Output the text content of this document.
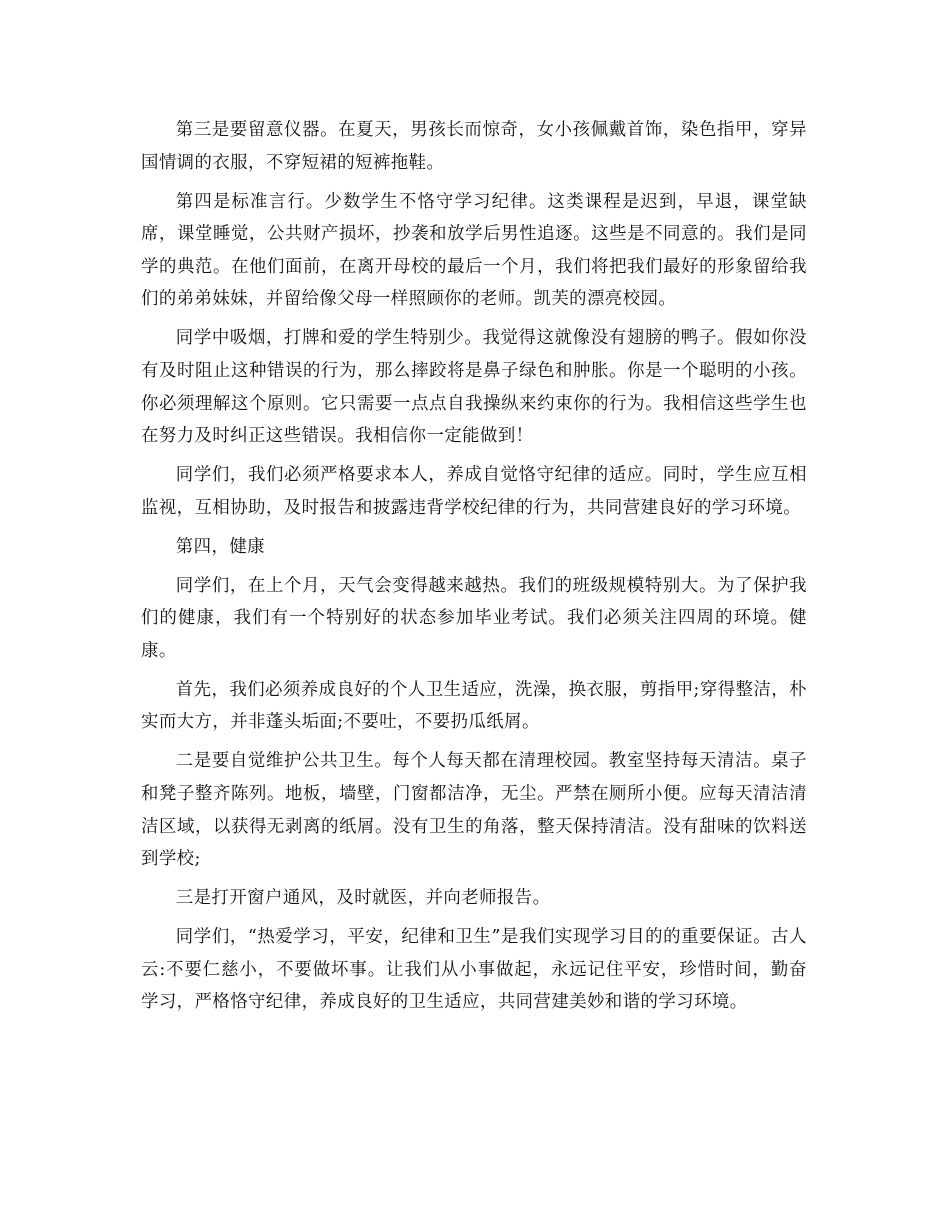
第三是要留意仪器。在夏天，男孩长而惊奇，女小孩佩戴首饰，染色指甲，穿异国情调的衣服，不穿短裙的短裤拖鞋。

第四是标准言行。少数学生不恪守学习纪律。这类课程是迟到，早退，课堂缺席，课堂睡觉，公共财产损坏，抄袭和放学后男性追逐。这些是不同意的。我们是同学的典范。在他们面前，在离开母校的最后一个月，我们将把我们最好的形象留给我们的弟弟妹妹，并留给像父母一样照顾你的老师。凯芙的漂亮校园。

同学中吸烟，打牌和爱的学生特别少。我觉得这就像没有翅膀的鸭子。假如你没有及时阻止这种错误的行为，那么摔跤将是鼻子绿色和肿胀。你是一个聪明的小孩。你必须理解这个原则。它只需要一点点自我操纵来约束你的行为。我相信这些学生也在努力及时纠正这些错误。我相信你一定能做到！

同学们，我们必须严格要求本人，养成自觉恪守纪律的适应。同时，学生应互相监视，互相协助，及时报告和披露违背学校纪律的行为，共同营建良好的学习环境。

第四，健康

同学们，在上个月，天气会变得越来越热。我们的班级规模特别大。为了保护我们的健康，我们有一个特别好的状态参加毕业考试。我们必须关注四周的环境。健康。

首先，我们必须养成良好的个人卫生适应，洗澡，换衣服，剪指甲;穿得整洁，朴实而大方，并非蓬头垢面;不要吐，不要扔瓜纸屑。

二是要自觉维护公共卫生。每个人每天都在清理校园。教室坚持每天清洁。桌子和凳子整齐陈列。地板，墙壁，门窗都洁净，无尘。严禁在厕所小便。应每天清洁清洁区域，以获得无剥离的纸屑。没有卫生的角落，整天保持清洁。没有甜味的饮料送到学校;

三是打开窗户通风，及时就医，并向老师报告。

同学们，“热爱学习，平安，纪律和卫生”是我们实现学习目的的重要保证。古人云:不要仁慈小，不要做坏事。让我们从小事做起，永远记住平安，珍惜时间，勤奋学习，严格恪守纪律，养成良好的卫生适应，共同营建美妙和谐的学习环境。
